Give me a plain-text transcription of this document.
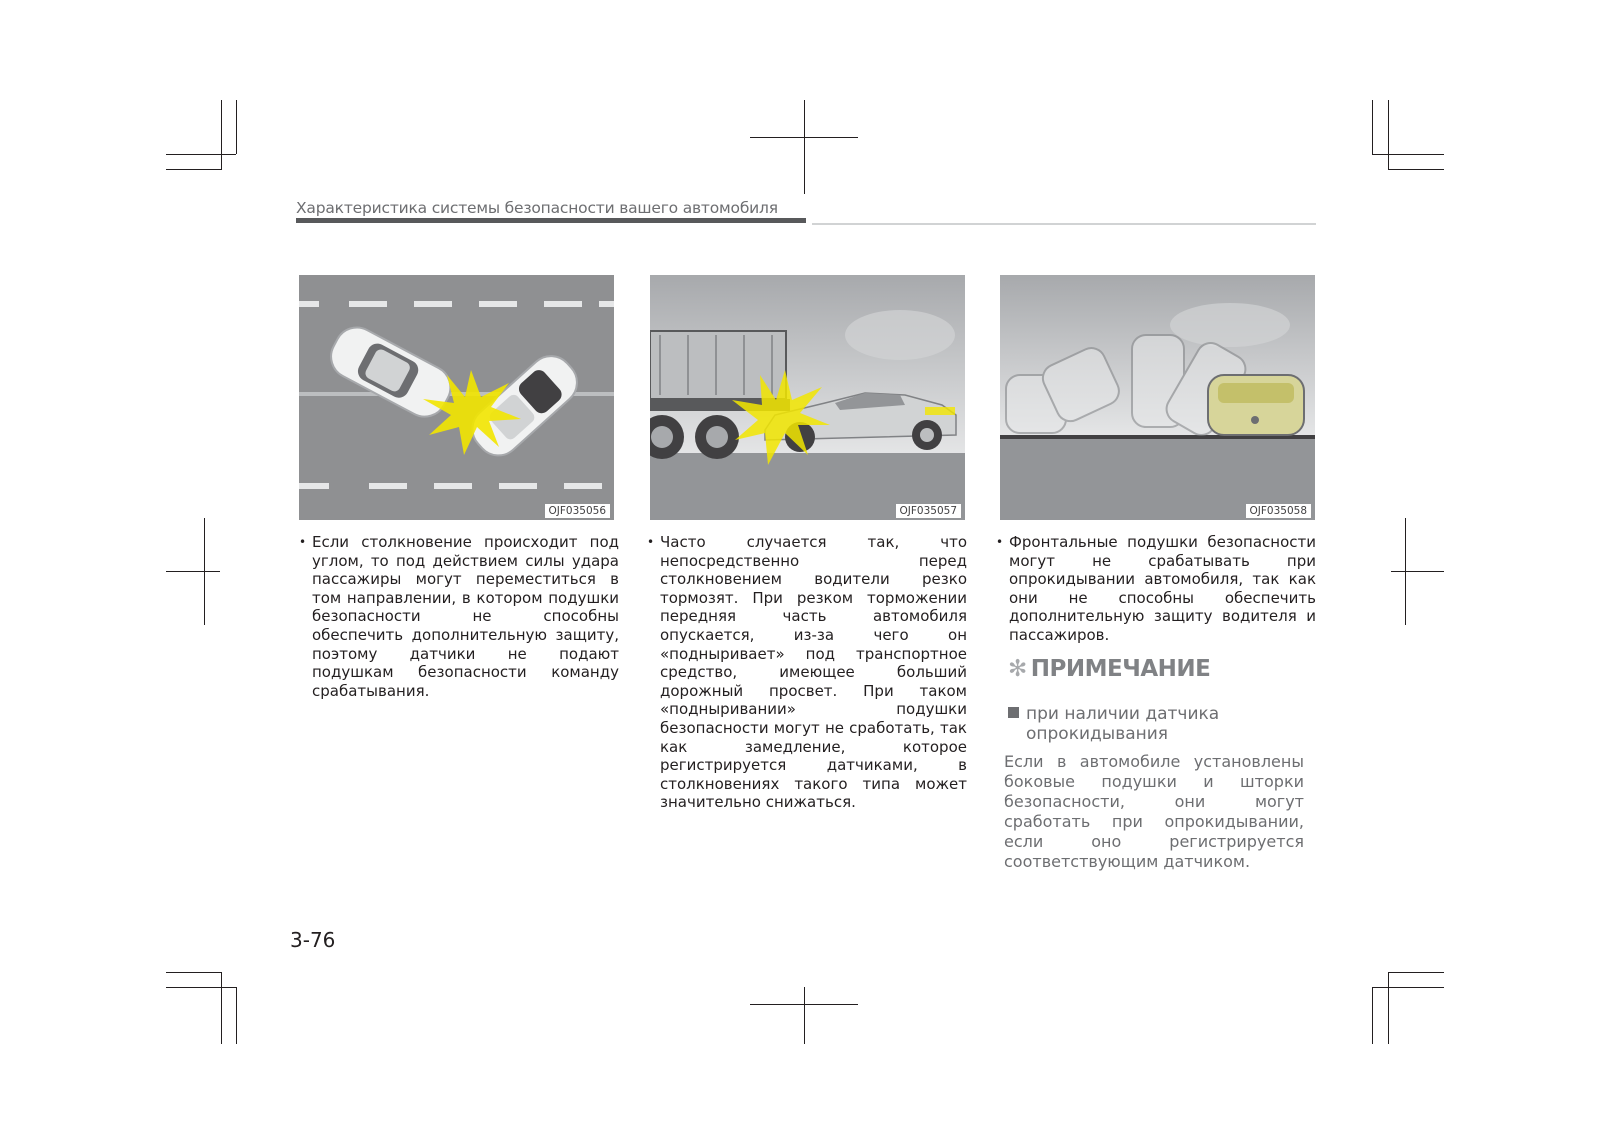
Характеристика системы безопасности вашего автомобиля
OJF035056	OJF035057	OJF035058
• Если столкновение происходит под углом, то под действием силы удара пассажиры могут переместиться в том направлении, в котором подушки безопасности не способны обеспечить дополнительную защиту, поэтому датчики не подают подушкам безопасности команду срабатывания.
• Часто случается так, что непосредственно перед столкновением водители резко тормозят. При резком торможении передняя часть автомобиля опускается, из-за чего он «подныривает» под транспортное средство, имеющее больший дорожный просвет. При таком «подныривании» подушки безопасности могут не сработать, так как замедление, которое регистрируется датчиками, в столкновениях такого типа может значительно снижаться.
• Фронтальные подушки безопасности могут не срабатывать при опрокидывании автомобиля, так как они не способны обеспечить дополнительную защиту водителя и пассажиров.
✻ ПРИМЕЧАНИЕ
при наличии датчика опрокидывания
Если в автомобиле установлены боковые подушки и шторки безопасности, они могут сработать при опрокидывании, если оно регистрируется соответствующим датчиком.
3-76
